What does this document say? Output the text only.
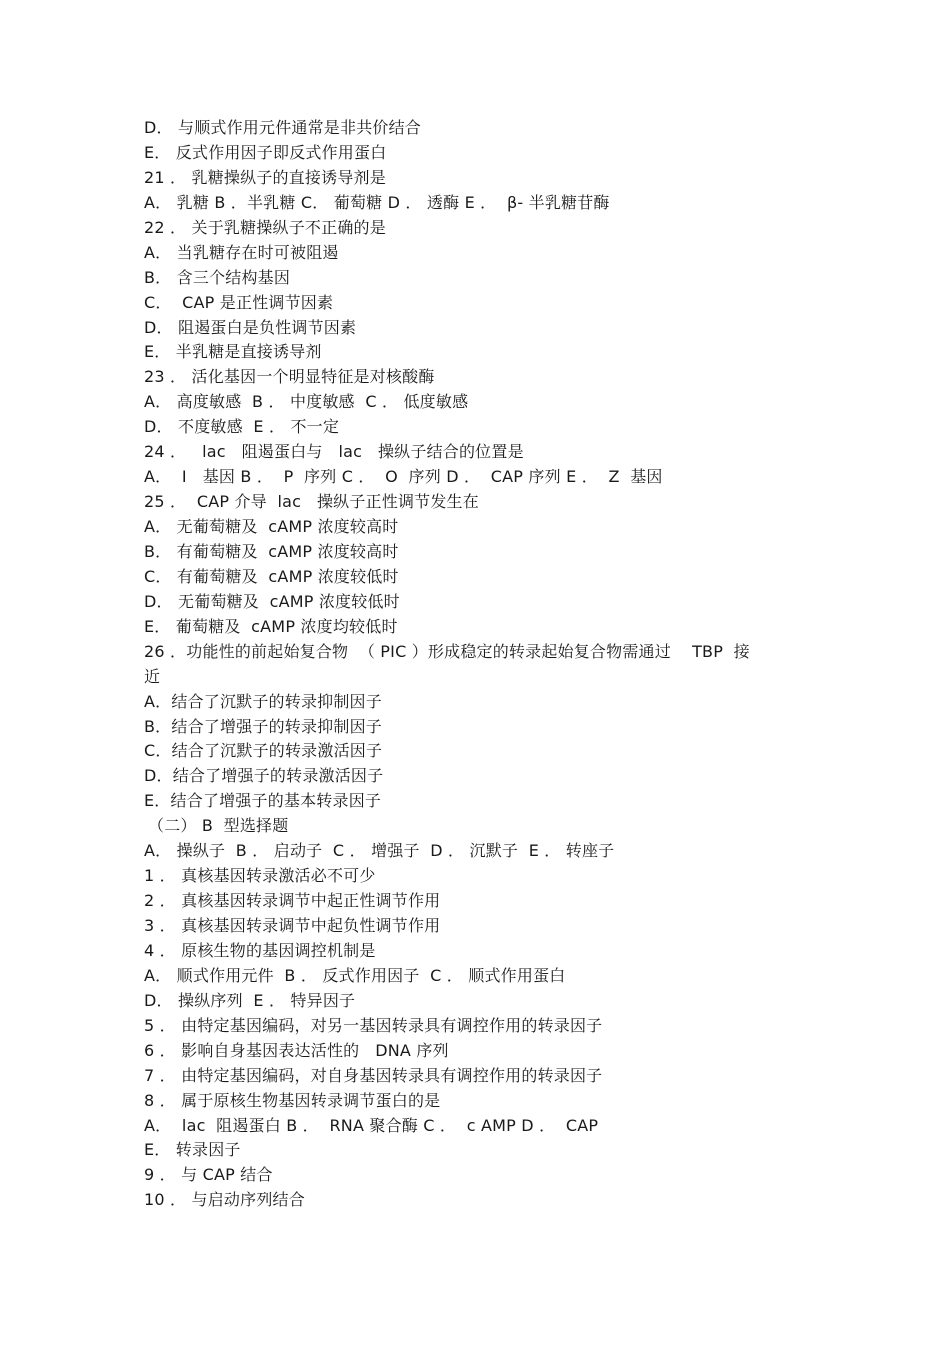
D． 与顺式作用元件通常是非共价结合
E． 反式作用因子即反式作用蛋白
21 ． 乳糖操纵子的直接诱导剂是
A． 乳糖 B ．半乳糖 C． 葡萄糖 D ． 透酶 E ．  β- 半乳糖苷酶
22 ． 关于乳糖操纵子不正确的是
A． 当乳糖存在时可被阻遏
B． 含三个结构基因
C．  CAP 是正性调节因素
D． 阻遏蛋白是负性调节因素
E． 半乳糖是直接诱导剂
23 ． 活化基因一个明显特征是对核酸酶
A． 高度敏感  B ． 中度敏感  C ． 低度敏感
D． 不度敏感  E ． 不一定
24 ．   lac   阻遏蛋白与   lac   操纵子结合的位置是
A．  I   基因 B ．  P  序列 C ．  O  序列 D ．  CAP 序列 E ．  Z  基因
25 ．  CAP 介导  lac   操纵子正性调节发生在
A． 无葡萄糖及  cAMP 浓度较高时
B． 有葡萄糖及  cAMP 浓度较高时
C． 有葡萄糖及  cAMP 浓度较低时
D． 无葡萄糖及  cAMP 浓度较低时
E． 葡萄糖及  cAMP 浓度均较低时
26 ．功能性的前起始复合物  （ PIC ）形成稳定的转录起始复合物需通过    TBP  接
近
A．结合了沉默子的转录抑制因子
B．结合了增强子的转录抑制因子
C．结合了沉默子的转录激活因子
D．结合了增强子的转录激活因子
E．结合了增强子的基本转录因子
（二） B  型选择题
A． 操纵子  B ． 启动子  C ． 增强子  D ． 沉默子  E ． 转座子
1 ． 真核基因转录激活必不可少
2 ． 真核基因转录调节中起正性调节作用
3 ． 真核基因转录调节中起负性调节作用
4 ． 原核生物的基因调控机制是
A． 顺式作用元件  B ． 反式作用因子  C ． 顺式作用蛋白
D． 操纵序列  E ． 特异因子
5 ． 由特定基因编码，对另一基因转录具有调控作用的转录因子
6 ． 影响自身基因表达活性的   DNA 序列
7 ． 由特定基因编码，对自身基因转录具有调控作用的转录因子
8 ． 属于原核生物基因转录调节蛋白的是
A．  lac  阻遏蛋白 B ．  RNA 聚合酶 C ．  c AMP D ．  CAP
E． 转录因子
9 ． 与 CAP 结合
10 ． 与启动序列结合
